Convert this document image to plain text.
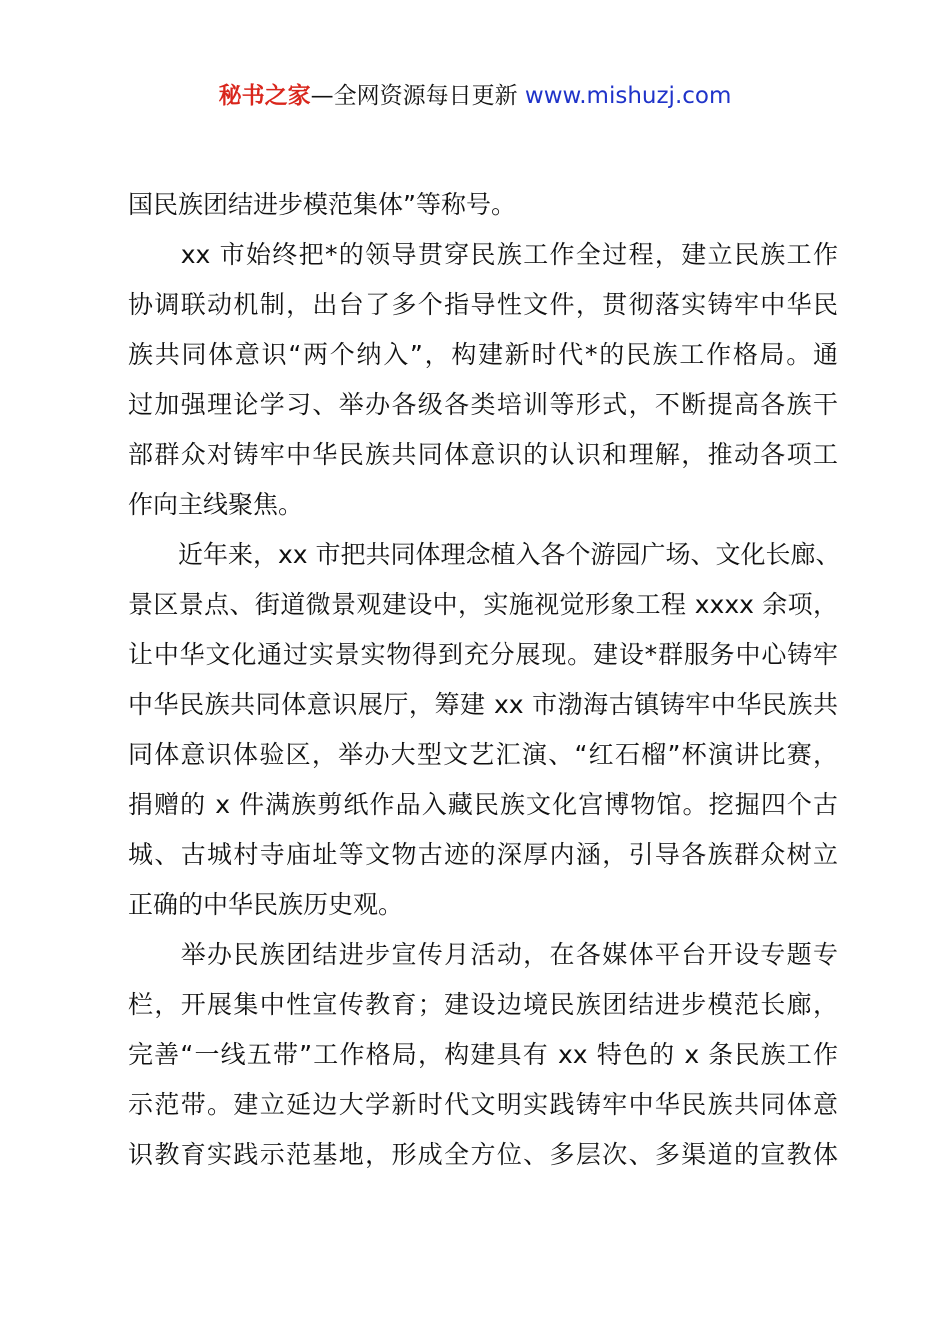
秘书之家—全网资源每日更新 www.mishuzj.com
国民族团结进步模范集体”等称号。
　　xx 市始终把*的领导贯穿民族工作全过程，建立民族工作
协调联动机制，出台了多个指导性文件，贯彻落实铸牢中华民
族共同体意识“两个纳入”，构建新时代*的民族工作格局。通
过加强理论学习、举办各级各类培训等形式，不断提高各族干
部群众对铸牢中华民族共同体意识的认识和理解，推动各项工
作向主线聚焦。
　　近年来，xx 市把共同体理念植入各个游园广场、文化长廊、
景区景点、街道微景观建设中，实施视觉形象工程 xxxx 余项，
让中华文化通过实景实物得到充分展现。建设*群服务中心铸牢
中华民族共同体意识展厅，筹建 xx 市渤海古镇铸牢中华民族共
同体意识体验区，举办大型文艺汇演、“红石榴”杯演讲比赛，
捐赠的 x 件满族剪纸作品入藏民族文化宫博物馆。挖掘四个古
城、古城村寺庙址等文物古迹的深厚内涵，引导各族群众树立
正确的中华民族历史观。
　　举办民族团结进步宣传月活动，在各媒体平台开设专题专
栏，开展集中性宣传教育；建设边境民族团结进步模范长廊，
完善“一线五带”工作格局，构建具有 xx 特色的 x 条民族工作
示范带。建立延边大学新时代文明实践铸牢中华民族共同体意
识教育实践示范基地，形成全方位、多层次、多渠道的宣教体
